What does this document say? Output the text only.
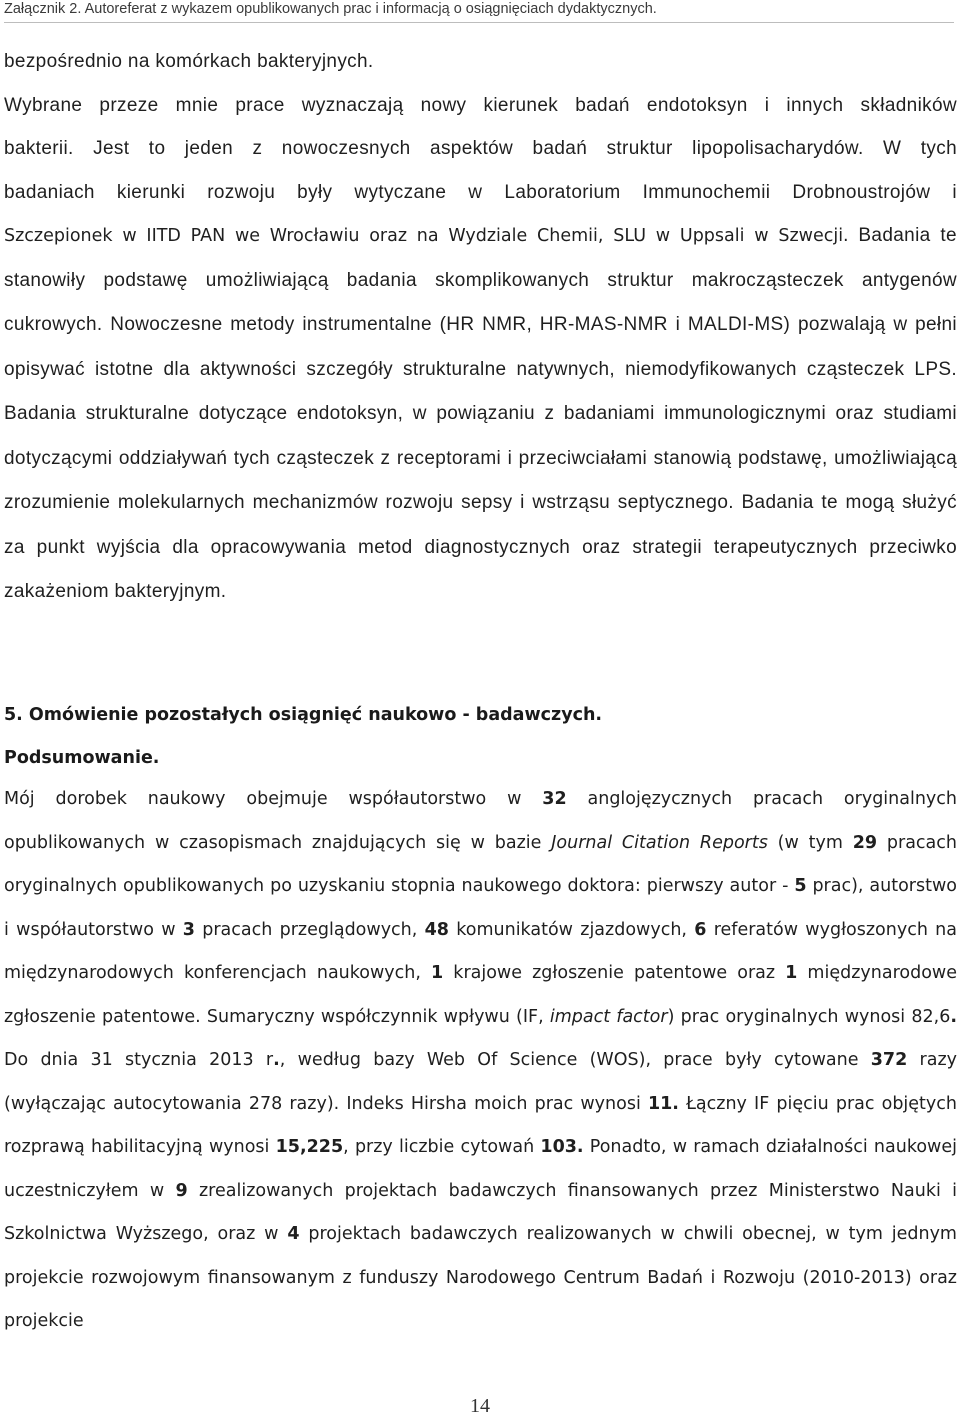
Załącznik 2. Autoreferat z wykazem opublikowanych prac i informacją o osiągnięciach dydaktycznych.
bezpośrednio na komórkach bakteryjnych.
Wybrane przeze mnie prace wyznaczają nowy kierunek badań endotoksyn i innych składników
bakterii. Jest to jeden z nowoczesnych aspektów badań struktur lipopolisacharydów. W tych
badaniach kierunki rozwoju były wytyczane w Laboratorium Immunochemii Drobnoustrojów i
Szczepionek w IITD PAN we Wrocławiu oraz na Wydziale Chemii, SLU w Uppsali w Szwecji. Badania te stanowiły podstawę umożliwiającą badania skomplikowanych struktur makrocząsteczek antygenów cukrowych. Nowoczesne metody instrumentalne (HR NMR, HR-MAS-NMR i MALDI-MS) pozwalają w pełni opisywać istotne dla aktywności szczegóły strukturalne natywnych, niemodyfikowanych cząsteczek LPS. Badania strukturalne dotyczące endotoksyn, w powiązaniu z badaniami immunologicznymi oraz studiami dotyczącymi oddziaływań tych cząsteczek z receptorami i przeciwciałami stanowią podstawę, umożliwiającą zrozumienie molekularnych mechanizmów rozwoju sepsy i wstrząsu septycznego. Badania te mogą służyć za punkt wyjścia dla opracowywania metod diagnostycznych oraz strategii terapeutycznych przeciwko zakażeniom bakteryjnym.
5. Omówienie pozostałych osiągnięć naukowo - badawczych.
Podsumowanie.
Mój dorobek naukowy obejmuje współautorstwo w 32 anglojęzycznych pracach oryginalnych opublikowanych w czasopismach znajdujących się w bazie Journal Citation Reports (w tym 29 pracach oryginalnych opublikowanych po uzyskaniu stopnia naukowego doktora: pierwszy autor - 5 prac), autorstwo i współautorstwo w 3 pracach przeglądowych, 48 komunikatów zjazdowych, 6 referatów wygłoszonych na międzynarodowych konferencjach naukowych, 1 krajowe zgłoszenie patentowe oraz 1 międzynarodowe zgłoszenie patentowe. Sumaryczny współczynnik wpływu (IF, impact factor) prac oryginalnych wynosi 82,6. Do dnia 31 stycznia 2013 r., według bazy Web Of Science (WOS), prace były cytowane 372 razy (wyłączając autocytowania 278 razy). Indeks Hirsha moich prac wynosi 11. Łączny IF pięciu prac objętych rozprawą habilitacyjną wynosi 15,225, przy liczbie cytowań 103. Ponadto, w ramach działalności naukowej uczestniczyłem w 9 zrealizowanych projektach badawczych finansowanych przez Ministerstwo Nauki i Szkolnictwa Wyższego, oraz w 4 projektach badawczych realizowanych w chwili obecnej, w tym jednym projekcie rozwojowym finansowanym z funduszy Narodowego Centrum Badań i Rozwoju (2010-2013) oraz projekcie
14
